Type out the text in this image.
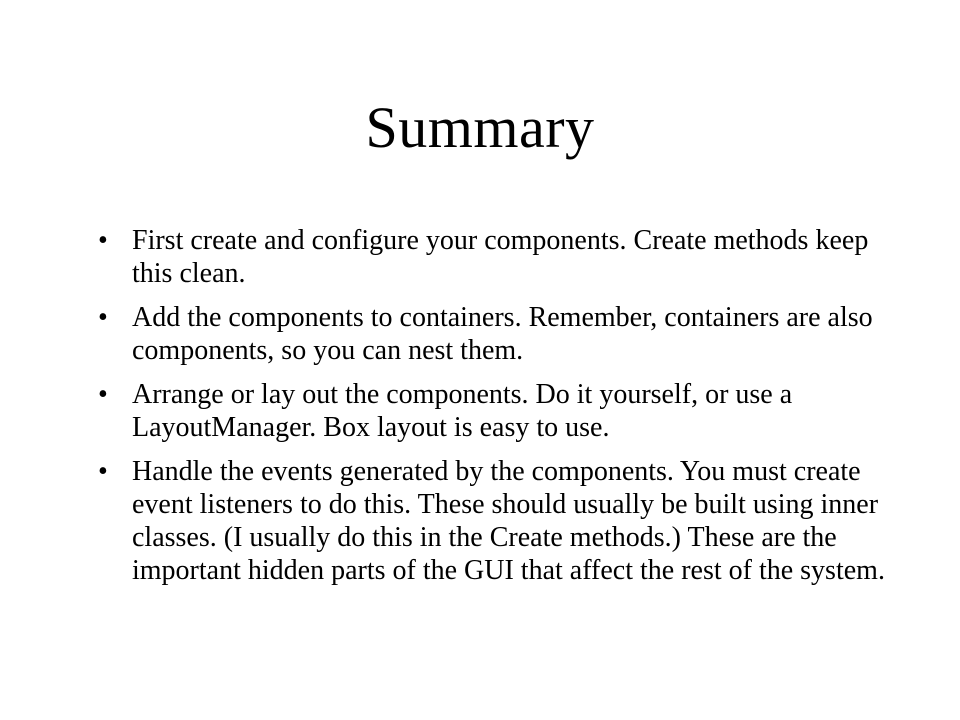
Summary
• First create and configure your components. Create methods keep this clean.
• Add the components to containers. Remember, containers are also components, so you can nest them.
• Arrange or lay out the components. Do it yourself, or use a LayoutManager. Box layout is easy to use.
• Handle the events generated by the components. You must create event listeners to do this. These should usually be built using inner classes. (I usually do this in the Create methods.) These are the important hidden parts of the GUI that affect the rest of the system.
